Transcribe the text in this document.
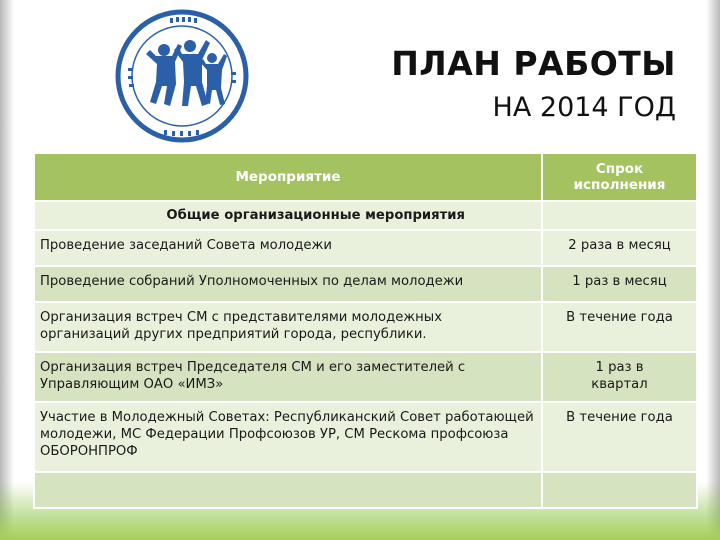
ПЛАН РАБОТЫ
НА 2014 ГОД
Мероприятие	Спрок исполнения
Общие организационные мероприятия	
Проведение заседаний Совета молодежи	2 раза в месяц
Проведение собраний Уполномоченных по делам молодежи	1 раз в месяц
Организация встреч СМ с представителями молодежных организаций других предприятий города, республики.	В течение года
Организация встреч Председателя СМ и его заместителей с Управляющим ОАО «ИМЗ»	1 раз в квартал
Участие в Молодежный Советах: Республиканский Совет работающей молодежи, МС Федерации Профсоюзов УР, СМ Рескома профсоюза ОБОРОНПРОФ	В течение года
